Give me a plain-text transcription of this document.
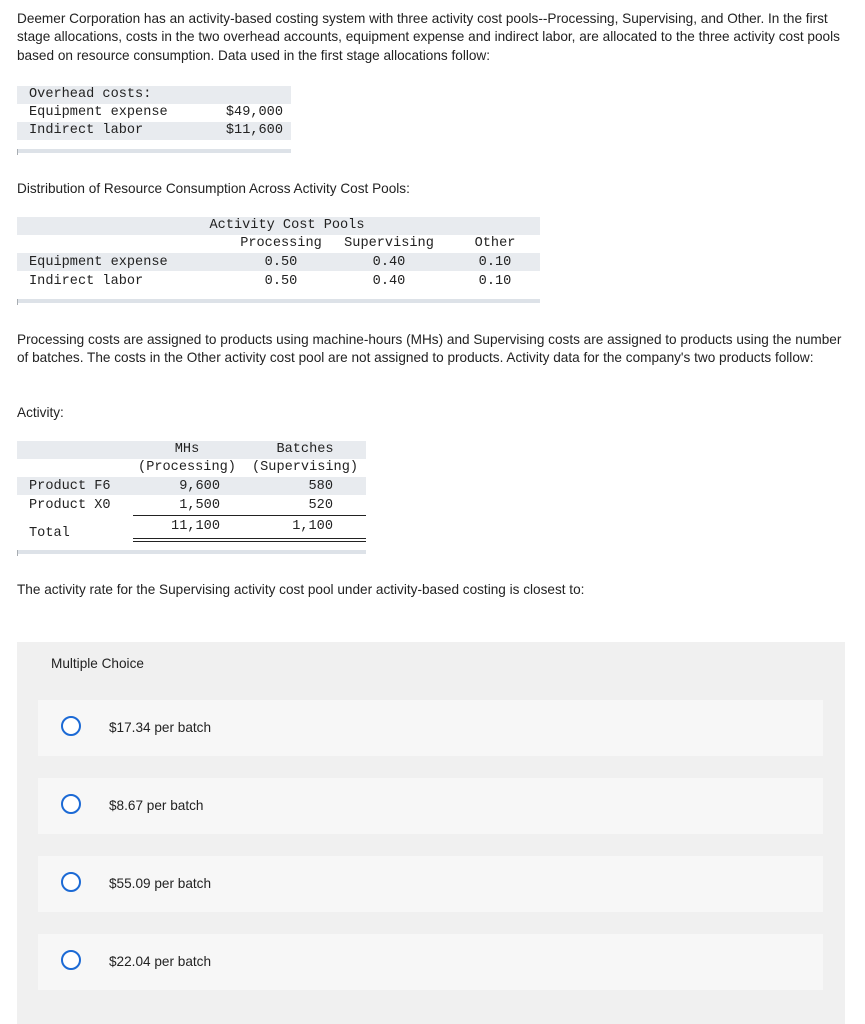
Deemer Corporation has an activity-based costing system with three activity cost pools--Processing, Supervising, and Other. In the first stage allocations, costs in the two overhead accounts, equipment expense and indirect labor, are allocated to the three activity cost pools based on resource consumption. Data used in the first stage allocations follow:

Overhead costs:
Equipment expense	$49,000
Indirect labor	$11,600

Distribution of Resource Consumption Across Activity Cost Pools:

Activity Cost Pools
Processing	Supervising	Other
Equipment expense	0.50	0.40	0.10
Indirect labor	0.50	0.40	0.10

Processing costs are assigned to products using machine-hours (MHs) and Supervising costs are assigned to products using the number of batches. The costs in the Other activity cost pool are not assigned to products. Activity data for the company's two products follow:

Activity:

MHs	Batches
(Processing)	(Supervising)
Product F6	9,600	580
Product X0	1,500	520
Total	11,100	1,100

The activity rate for the Supervising activity cost pool under activity-based costing is closest to:

Multiple Choice
$17.34 per batch
$8.67 per batch
$55.09 per batch
$22.04 per batch
